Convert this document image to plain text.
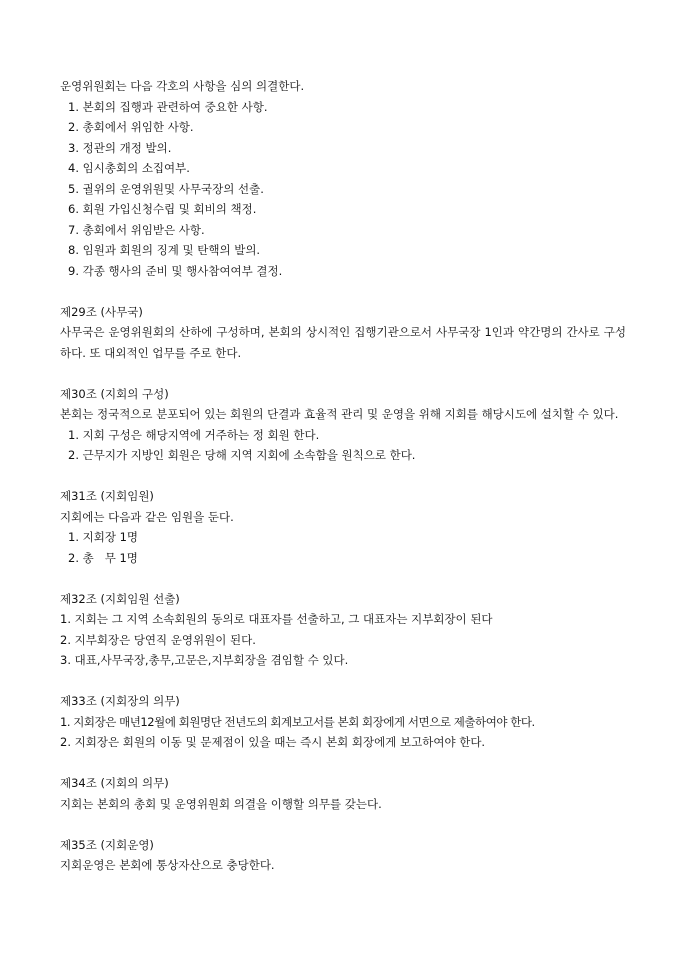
운영위원회는 다음 각호의 사항을 심의 의결한다.

1. 본회의 집행과 관련하여 중요한 사항.

2. 총회에서 위임한 사항.

3. 정관의 개정 발의.

4. 임시총회의 소집여부.

5. 궐위의 운영위원및 사무국장의 선출.

6. 회원 가입신청수립 및 회비의 책정.

7. 총회에서 위임받은 사항.

8. 임원과 회원의 징계 및 탄핵의 발의.

9. 각종 행사의 준비 및 행사참여여부 결정.

제29조 (사무국)

사무국은 운영위원회의 산하에 구성하며, 본회의 상시적인 집행기관으로서 사무국장 1인과 약간명의 간사로 구성하다. 또 대외적인 업무를 주로 한다.

제30조 (지회의 구성)

본회는 정국적으로 분포되어 있는 회원의 단결과 효율적 관리 및 운영을 위해 지회를 해당시도에 설치할 수 있다.

1. 지회 구성은 해당지역에 거주하는 정 회원 한다.

2. 근무지가 지방인 회원은 당해 지역 지회에 소속함을 원칙으로 한다.

제31조 (지회임원)

지회에는 다음과 같은 임원을 둔다.

1. 지회장 1명

2. 총   무 1명

제32조 (지회임원 선출)

1. 지회는 그 지역 소속회원의 동의로 대표자를 선출하고, 그 대표자는 지부회장이 된다

2. 지부회장은 당연직 운영위원이 된다.

3. 대표,사무국장,총무,고문은,지부회장을 겸임할 수 있다.

제33조 (지회장의 의무)

1. 지회장은 매년12월에 회원명단 전년도의 회계보고서를 본회 회장에게 서면으로 제출하여야 한다.

2. 지회장은 회원의 이동 및 문제점이 있을 때는 즉시 본회 회장에게 보고하여야 한다.

제34조 (지회의 의무)

지회는 본회의 총회 및 운영위원회 의결을 이행할 의무를 갖는다.

제35조 (지회운영)

지회운영은 본회에 통상자산으로 충당한다.
